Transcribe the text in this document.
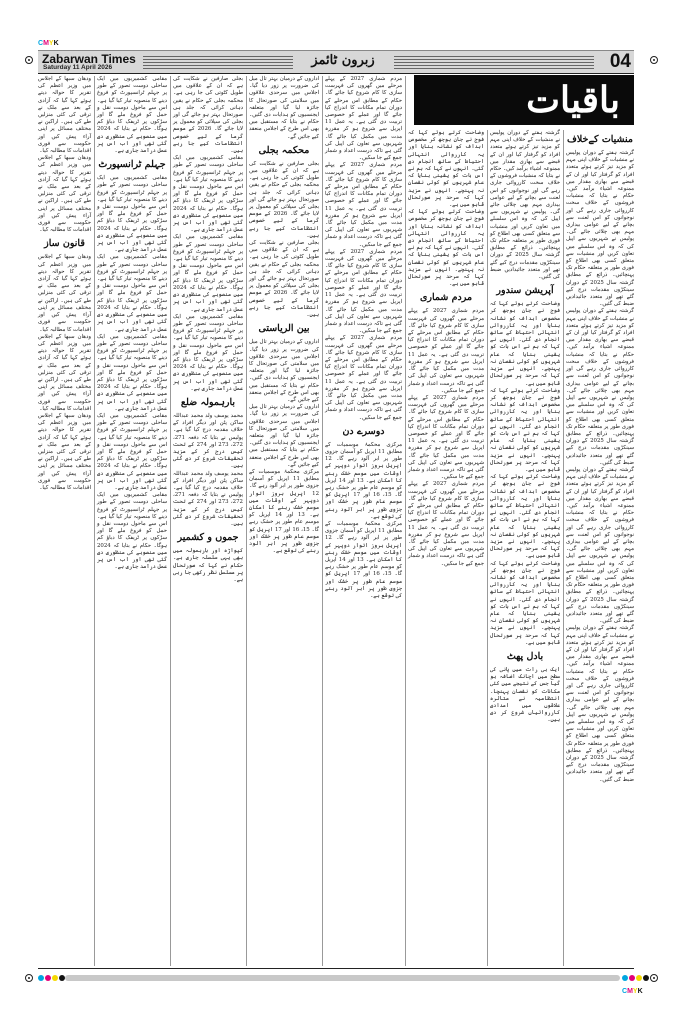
CMYK
CMYK
Zabarwan Times
Saturday 11 April 2026	زبرون ٹائمز	04
باقیات
منشیات کےخلاف

گرشتہ ہفتے کے دوران پولیس نے منشیات کے خلاف اپنی مہم کو مزید تیز کرتے ہوئے متعدد افراد کو گرفتار کیا اور ان کے قبضے سے بھاری مقدار میں ممنوعہ اشیاء برآمد کیں۔ حکام نے بتایا کہ منشیات فروشوں کے خلاف سخت کارروائی جاری رہے گی اور نوجوانوں کو اس لعنت سے بچانے کے لیے عوامی بیداری مہم بھی چلائی جائے گی۔ پولیس نے شہریوں سے اپیل کی کہ وہ اس سلسلے میں تعاون کریں اور منشیات سے متعلق کسی بھی اطلاع کو فوری طور پر متعلقہ حکام تک پہنچائیں۔ ذرائع کے مطابق گزشتہ سال 2025 کے دوران سینکڑوں مقدمات درج کیے گئے تھے اور متعدد جائیدادیں ضبط کی گئیں۔

گرشتہ ہفتے کے دوران پولیس نے منشیات کے خلاف اپنی مہم کو مزید تیز کرتے ہوئے متعدد افراد کو گرفتار کیا اور ان کے قبضے سے بھاری مقدار میں ممنوعہ اشیاء برآمد کیں۔ حکام نے بتایا کہ منشیات فروشوں کے خلاف سخت کارروائی جاری رہے گی اور نوجوانوں کو اس لعنت سے بچانے کے لیے عوامی بیداری مہم بھی چلائی جائے گی۔ پولیس نے شہریوں سے اپیل کی کہ وہ اس سلسلے میں تعاون کریں اور منشیات سے متعلق کسی بھی اطلاع کو فوری طور پر متعلقہ حکام تک پہنچائیں۔ ذرائع کے مطابق گزشتہ سال 2025 کے دوران سینکڑوں مقدمات درج کیے گئے تھے اور متعدد جائیدادیں ضبط کی گئیں۔

گرشتہ ہفتے کے دوران پولیس نے منشیات کے خلاف اپنی مہم کو مزید تیز کرتے ہوئے متعدد افراد کو گرفتار کیا اور ان کے قبضے سے بھاری مقدار میں ممنوعہ اشیاء برآمد کیں۔ حکام نے بتایا کہ منشیات فروشوں کے خلاف سخت کارروائی جاری رہے گی اور نوجوانوں کو اس لعنت سے بچانے کے لیے عوامی بیداری مہم بھی چلائی جائے گی۔ پولیس نے شہریوں سے اپیل کی کہ وہ اس سلسلے میں تعاون کریں اور منشیات سے متعلق کسی بھی اطلاع کو فوری طور پر متعلقہ حکام تک پہنچائیں۔ ذرائع کے مطابق گزشتہ سال 2025 کے دوران سینکڑوں مقدمات درج کیے گئے تھے اور متعدد جائیدادیں ضبط کی گئیں۔

گرشتہ ہفتے کے دوران پولیس نے منشیات کے خلاف اپنی مہم کو مزید تیز کرتے ہوئے متعدد افراد کو گرفتار کیا اور ان کے قبضے سے بھاری مقدار میں ممنوعہ اشیاء برآمد کیں۔ حکام نے بتایا کہ منشیات فروشوں کے خلاف سخت کارروائی جاری رہے گی اور نوجوانوں کو اس لعنت سے بچانے کے لیے عوامی بیداری مہم بھی چلائی جائے گی۔ پولیس نے شہریوں سے اپیل کی کہ وہ اس سلسلے میں تعاون کریں اور منشیات سے متعلق کسی بھی اطلاع کو فوری طور پر متعلقہ حکام تک پہنچائیں۔ ذرائع کے مطابق گزشتہ سال 2025 کے دوران سینکڑوں مقدمات درج کیے گئے تھے اور متعدد جائیدادیں ضبط کی گئیں۔

گرشتہ ہفتے کے دوران پولیس نے منشیات کے خلاف اپنی مہم کو مزید تیز کرتے ہوئے متعدد افراد کو گرفتار کیا اور ان کے قبضے سے بھاری مقدار میں ممنوعہ اشیاء برآمد کیں۔ حکام نے بتایا کہ منشیات فروشوں کے خلاف سخت کارروائی جاری رہے گی اور نوجوانوں کو اس لعنت سے بچانے کے لیے عوامی بیداری مہم بھی چلائی جائے گی۔ پولیس نے شہریوں سے اپیل کی کہ وہ اس سلسلے میں تعاون کریں اور منشیات سے متعلق کسی بھی اطلاع کو فوری طور پر متعلقہ حکام تک پہنچائیں۔ ذرائع کے مطابق گزشتہ سال 2025 کے دوران سینکڑوں مقدمات درج کیے گئے تھے اور متعدد جائیدادیں ضبط کی گئیں۔

آپریشن سندور

وضاحت کرتے ہوئے کہا کہ فوج نے جان بوجھ کر مخصوص اہداف کو نشانہ بنایا اور یہ کارروائی انتہائی احتیاط کے ساتھ انجام دی گئی۔ انہوں نے کہا کہ ہم نے اس بات کو یقینی بنایا کہ عام شہریوں کو کوئی نقصان نہ پہنچے۔ انہوں نے مزید کہا کہ سرحد پر صورتحال قابو میں ہے۔

وضاحت کرتے ہوئے کہا کہ فوج نے جان بوجھ کر مخصوص اہداف کو نشانہ بنایا اور یہ کارروائی انتہائی احتیاط کے ساتھ انجام دی گئی۔ انہوں نے کہا کہ ہم نے اس بات کو یقینی بنایا کہ عام شہریوں کو کوئی نقصان نہ پہنچے۔ انہوں نے مزید کہا کہ سرحد پر صورتحال قابو میں ہے۔

وضاحت کرتے ہوئے کہا کہ فوج نے جان بوجھ کر مخصوص اہداف کو نشانہ بنایا اور یہ کارروائی انتہائی احتیاط کے ساتھ انجام دی گئی۔ انہوں نے کہا کہ ہم نے اس بات کو یقینی بنایا کہ عام شہریوں کو کوئی نقصان نہ پہنچے۔ انہوں نے مزید کہا کہ سرحد پر صورتحال قابو میں ہے۔

وضاحت کرتے ہوئے کہا کہ فوج نے جان بوجھ کر مخصوص اہداف کو نشانہ بنایا اور یہ کارروائی انتہائی احتیاط کے ساتھ انجام دی گئی۔ انہوں نے کہا کہ ہم نے اس بات کو یقینی بنایا کہ عام شہریوں کو کوئی نقصان نہ پہنچے۔ انہوں نے مزید کہا کہ سرحد پر صورتحال قابو میں ہے۔

بادل پھٹ

ایک ہی رات میں پانی کی سطح میں اچانک اضافہ ہو گیا جس کے نتیجے میں کئی مکانات کو نقصان پہنچا۔ انتظامیہ نے متاثرہ علاقوں میں امدادی کارروائیاں شروع کر دی ہیں۔

وضاحت کرتے ہوئے کہا کہ فوج نے جان بوجھ کر مخصوص اہداف کو نشانہ بنایا اور یہ کارروائی انتہائی احتیاط کے ساتھ انجام دی گئی۔ انہوں نے کہا کہ ہم نے اس بات کو یقینی بنایا کہ عام شہریوں کو کوئی نقصان نہ پہنچے۔ انہوں نے مزید کہا کہ سرحد پر صورتحال قابو میں ہے۔

وضاحت کرتے ہوئے کہا کہ فوج نے جان بوجھ کر مخصوص اہداف کو نشانہ بنایا اور یہ کارروائی انتہائی احتیاط کے ساتھ انجام دی گئی۔ انہوں نے کہا کہ ہم نے اس بات کو یقینی بنایا کہ عام شہریوں کو کوئی نقصان نہ پہنچے۔ انہوں نے مزید کہا کہ سرحد پر صورتحال قابو میں ہے۔

مردم شماری

مردم شماری 2027 کے پہلے مرحلے میں گھروں کی فہرست سازی کا کام شروع کیا جائے گا۔ حکام کے مطابق اس مرحلے کے دوران تمام مکانات کا اندراج کیا جائے گا اور عملے کو خصوصی تربیت دی گئی ہے۔ یہ عمل 11 اپریل سے شروع ہو کر مقررہ مدت میں مکمل کیا جائے گا۔ شہریوں سے تعاون کی اپیل کی گئی ہے تاکہ درست اعداد و شمار جمع کیے جا سکیں۔

مردم شماری 2027 کے پہلے مرحلے میں گھروں کی فہرست سازی کا کام شروع کیا جائے گا۔ حکام کے مطابق اس مرحلے کے دوران تمام مکانات کا اندراج کیا جائے گا اور عملے کو خصوصی تربیت دی گئی ہے۔ یہ عمل 11 اپریل سے شروع ہو کر مقررہ مدت میں مکمل کیا جائے گا۔ شہریوں سے تعاون کی اپیل کی گئی ہے تاکہ درست اعداد و شمار جمع کیے جا سکیں۔

مردم شماری 2027 کے پہلے مرحلے میں گھروں کی فہرست سازی کا کام شروع کیا جائے گا۔ حکام کے مطابق اس مرحلے کے دوران تمام مکانات کا اندراج کیا جائے گا اور عملے کو خصوصی تربیت دی گئی ہے۔ یہ عمل 11 اپریل سے شروع ہو کر مقررہ مدت میں مکمل کیا جائے گا۔ شہریوں سے تعاون کی اپیل کی گئی ہے تاکہ درست اعداد و شمار جمع کیے جا سکیں۔

مردم شماری 2027 کے پہلے مرحلے میں گھروں کی فہرست سازی کا کام شروع کیا جائے گا۔ حکام کے مطابق اس مرحلے کے دوران تمام مکانات کا اندراج کیا جائے گا اور عملے کو خصوصی تربیت دی گئی ہے۔ یہ عمل 11 اپریل سے شروع ہو کر مقررہ مدت میں مکمل کیا جائے گا۔ شہریوں سے تعاون کی اپیل کی گئی ہے تاکہ درست اعداد و شمار جمع کیے جا سکیں۔

مردم شماری 2027 کے پہلے مرحلے میں گھروں کی فہرست سازی کا کام شروع کیا جائے گا۔ حکام کے مطابق اس مرحلے کے دوران تمام مکانات کا اندراج کیا جائے گا اور عملے کو خصوصی تربیت دی گئی ہے۔ یہ عمل 11 اپریل سے شروع ہو کر مقررہ مدت میں مکمل کیا جائے گا۔ شہریوں سے تعاون کی اپیل کی گئی ہے تاکہ درست اعداد و شمار جمع کیے جا سکیں۔

مردم شماری 2027 کے پہلے مرحلے میں گھروں کی فہرست سازی کا کام شروع کیا جائے گا۔ حکام کے مطابق اس مرحلے کے دوران تمام مکانات کا اندراج کیا جائے گا اور عملے کو خصوصی تربیت دی گئی ہے۔ یہ عمل 11 اپریل سے شروع ہو کر مقررہ مدت میں مکمل کیا جائے گا۔ شہریوں سے تعاون کی اپیل کی گئی ہے تاکہ درست اعداد و شمار جمع کیے جا سکیں۔

مردم شماری 2027 کے پہلے مرحلے میں گھروں کی فہرست سازی کا کام شروع کیا جائے گا۔ حکام کے مطابق اس مرحلے کے دوران تمام مکانات کا اندراج کیا جائے گا اور عملے کو خصوصی تربیت دی گئی ہے۔ یہ عمل 11 اپریل سے شروع ہو کر مقررہ مدت میں مکمل کیا جائے گا۔ شہریوں سے تعاون کی اپیل کی گئی ہے تاکہ درست اعداد و شمار جمع کیے جا سکیں۔

دوسرے دن

مرکزی محکمۂ موسمیات کے مطابق 11 اپریل کو آسمان جزوی طور پر ابر آلود رہے گا۔ 12 اپریل بروز اتوار دوپہر کے اوقات میں موسم خشک رہنے کا امکان ہے۔ 13 اور 14 اپریل کو موسم عام طور پر خشک رہے گا۔ 15، 16 اور 17 اپریل کو موسم عام طور پر خشک اور جزوی طور پر ابر آلود رہنے کی توقع ہے۔

مرکزی محکمۂ موسمیات کے مطابق 11 اپریل کو آسمان جزوی طور پر ابر آلود رہے گا۔ 12 اپریل بروز اتوار دوپہر کے اوقات میں موسم خشک رہنے کا امکان ہے۔ 13 اور 14 اپریل کو موسم عام طور پر خشک رہے گا۔ 15، 16 اور 17 اپریل کو موسم عام طور پر خشک اور جزوی طور پر ابر آلود رہنے کی توقع ہے۔

اداروں کے درمیان بہتر تال میل کی ضرورت پر زور دیا گیا۔ اجلاس میں سرحدی علاقوں میں سلامتی کی صورتحال کا جائزہ لیا گیا اور متعلقہ ایجنسیوں کو ہدایات دی گئیں۔ حکام نے بتایا کہ مستقبل میں بھی اس طرح کے اجلاس منعقد کیے جائیں گے۔

محکمہ بجلی

بجلی صارفین نے شکایت کی ہے کہ ان کے علاقوں میں طویل کٹوتی کی جا رہی ہے۔ محکمہ بجلی کے حکام نے یقین دہانی کرائی کہ جلد ہی صورتحال بہتر ہو جائے گی اور بجلی کی سپلائی کو معمول پر لایا جائے گا۔ 2026 کے موسم گرما کے لیے خصوصی انتظامات کیے جا رہے ہیں۔

بجلی صارفین نے شکایت کی ہے کہ ان کے علاقوں میں طویل کٹوتی کی جا رہی ہے۔ محکمہ بجلی کے حکام نے یقین دہانی کرائی کہ جلد ہی صورتحال بہتر ہو جائے گی اور بجلی کی سپلائی کو معمول پر لایا جائے گا۔ 2026 کے موسم گرما کے لیے خصوصی انتظامات کیے جا رہے ہیں۔

بین الریاستی

اداروں کے درمیان بہتر تال میل کی ضرورت پر زور دیا گیا۔ اجلاس میں سرحدی علاقوں میں سلامتی کی صورتحال کا جائزہ لیا گیا اور متعلقہ ایجنسیوں کو ہدایات دی گئیں۔ حکام نے بتایا کہ مستقبل میں بھی اس طرح کے اجلاس منعقد کیے جائیں گے۔

اداروں کے درمیان بہتر تال میل کی ضرورت پر زور دیا گیا۔ اجلاس میں سرحدی علاقوں میں سلامتی کی صورتحال کا جائزہ لیا گیا اور متعلقہ ایجنسیوں کو ہدایات دی گئیں۔ حکام نے بتایا کہ مستقبل میں بھی اس طرح کے اجلاس منعقد کیے جائیں گے۔

مرکزی محکمۂ موسمیات کے مطابق 11 اپریل کو آسمان جزوی طور پر ابر آلود رہے گا۔ 12 اپریل بروز اتوار دوپہر کے اوقات میں موسم خشک رہنے کا امکان ہے۔ 13 اور 14 اپریل کو موسم عام طور پر خشک رہے گا۔ 15، 16 اور 17 اپریل کو موسم عام طور پر خشک اور جزوی طور پر ابر آلود رہنے کی توقع ہے۔

بجلی صارفین نے شکایت کی ہے کہ ان کے علاقوں میں طویل کٹوتی کی جا رہی ہے۔ محکمہ بجلی کے حکام نے یقین دہانی کرائی کہ جلد ہی صورتحال بہتر ہو جائے گی اور بجلی کی سپلائی کو معمول پر لایا جائے گا۔ 2026 کے موسم گرما کے لیے خصوصی انتظامات کیے جا رہے ہیں۔

مقامی کشمیریوں میں ایک ساحلی دوست تصور کے طور پر جہلم ٹرانسپورٹ کو فروغ دینے کا منصوبہ تیار کیا گیا ہے۔ اس سے ماحول دوست نقل و حمل کو فروغ ملے گا اور سڑکوں پر ٹریفک کا دباؤ کم ہوگا۔ حکام نے بتایا کہ 2024 میں منصوبے کی منظوری دی گئی تھی اور اب اس پر عمل درآمد جاری ہے۔

مقامی کشمیریوں میں ایک ساحلی دوست تصور کے طور پر جہلم ٹرانسپورٹ کو فروغ دینے کا منصوبہ تیار کیا گیا ہے۔ اس سے ماحول دوست نقل و حمل کو فروغ ملے گا اور سڑکوں پر ٹریفک کا دباؤ کم ہوگا۔ حکام نے بتایا کہ 2024 میں منصوبے کی منظوری دی گئی تھی اور اب اس پر عمل درآمد جاری ہے۔

مقامی کشمیریوں میں ایک ساحلی دوست تصور کے طور پر جہلم ٹرانسپورٹ کو فروغ دینے کا منصوبہ تیار کیا گیا ہے۔ اس سے ماحول دوست نقل و حمل کو فروغ ملے گا اور سڑکوں پر ٹریفک کا دباؤ کم ہوگا۔ حکام نے بتایا کہ 2024 میں منصوبے کی منظوری دی گئی تھی اور اب اس پر عمل درآمد جاری ہے۔

بارہمولہ ضلع

محمد یوسف ولد محمد عبداللہ ساکن پٹن اور دیگر افراد کے خلاف مقدمہ درج کیا گیا ہے۔ پولیس نے بتایا کہ دفعہ 271، 272، 273 اور 274 کے تحت کیس درج کر کے مزید تحقیقات شروع کر دی گئی ہیں۔

محمد یوسف ولد محمد عبداللہ ساکن پٹن اور دیگر افراد کے خلاف مقدمہ درج کیا گیا ہے۔ پولیس نے بتایا کہ دفعہ 271، 272، 273 اور 274 کے تحت کیس درج کر کے مزید تحقیقات شروع کر دی گئی ہیں۔

جموں و کشمیر

کپواڑہ اور بارہمولہ میں بھی یہی سلسلہ جاری ہے۔ حکام نے کہا کہ صورتحال پر مسلسل نظر رکھی جا رہی ہے۔

مقامی کشمیریوں میں ایک ساحلی دوست تصور کے طور پر جہلم ٹرانسپورٹ کو فروغ دینے کا منصوبہ تیار کیا گیا ہے۔ اس سے ماحول دوست نقل و حمل کو فروغ ملے گا اور سڑکوں پر ٹریفک کا دباؤ کم ہوگا۔ حکام نے بتایا کہ 2024 میں منصوبے کی منظوری دی گئی تھی اور اب اس پر عمل درآمد جاری ہے۔

جہلم ٹرانسپورٹ

مقامی کشمیریوں میں ایک ساحلی دوست تصور کے طور پر جہلم ٹرانسپورٹ کو فروغ دینے کا منصوبہ تیار کیا گیا ہے۔ اس سے ماحول دوست نقل و حمل کو فروغ ملے گا اور سڑکوں پر ٹریفک کا دباؤ کم ہوگا۔ حکام نے بتایا کہ 2024 میں منصوبے کی منظوری دی گئی تھی اور اب اس پر عمل درآمد جاری ہے۔

مقامی کشمیریوں میں ایک ساحلی دوست تصور کے طور پر جہلم ٹرانسپورٹ کو فروغ دینے کا منصوبہ تیار کیا گیا ہے۔ اس سے ماحول دوست نقل و حمل کو فروغ ملے گا اور سڑکوں پر ٹریفک کا دباؤ کم ہوگا۔ حکام نے بتایا کہ 2024 میں منصوبے کی منظوری دی گئی تھی اور اب اس پر عمل درآمد جاری ہے۔

مقامی کشمیریوں میں ایک ساحلی دوست تصور کے طور پر جہلم ٹرانسپورٹ کو فروغ دینے کا منصوبہ تیار کیا گیا ہے۔ اس سے ماحول دوست نقل و حمل کو فروغ ملے گا اور سڑکوں پر ٹریفک کا دباؤ کم ہوگا۔ حکام نے بتایا کہ 2024 میں منصوبے کی منظوری دی گئی تھی اور اب اس پر عمل درآمد جاری ہے۔

مقامی کشمیریوں میں ایک ساحلی دوست تصور کے طور پر جہلم ٹرانسپورٹ کو فروغ دینے کا منصوبہ تیار کیا گیا ہے۔ اس سے ماحول دوست نقل و حمل کو فروغ ملے گا اور سڑکوں پر ٹریفک کا دباؤ کم ہوگا۔ حکام نے بتایا کہ 2024 میں منصوبے کی منظوری دی گئی تھی اور اب اس پر عمل درآمد جاری ہے۔

مقامی کشمیریوں میں ایک ساحلی دوست تصور کے طور پر جہلم ٹرانسپورٹ کو فروغ دینے کا منصوبہ تیار کیا گیا ہے۔ اس سے ماحول دوست نقل و حمل کو فروغ ملے گا اور سڑکوں پر ٹریفک کا دباؤ کم ہوگا۔ حکام نے بتایا کہ 2024 میں منصوبے کی منظوری دی گئی تھی اور اب اس پر عمل درآمد جاری ہے۔

ودھان سبھا کے اجلاس میں وزیر اعظم کی تقریر کا حوالہ دیتے ہوئے کہا گیا کہ آزادی کے بعد سے ملک نے ترقی کی کئی منزلیں طے کی ہیں۔ اراکین نے مختلف مسائل پر اپنی آراء پیش کیں اور حکومت سے فوری اقدامات کا مطالبہ کیا۔

ودھان سبھا کے اجلاس میں وزیر اعظم کی تقریر کا حوالہ دیتے ہوئے کہا گیا کہ آزادی کے بعد سے ملک نے ترقی کی کئی منزلیں طے کی ہیں۔ اراکین نے مختلف مسائل پر اپنی آراء پیش کیں اور حکومت سے فوری اقدامات کا مطالبہ کیا۔

قانون ساز

ودھان سبھا کے اجلاس میں وزیر اعظم کی تقریر کا حوالہ دیتے ہوئے کہا گیا کہ آزادی کے بعد سے ملک نے ترقی کی کئی منزلیں طے کی ہیں۔ اراکین نے مختلف مسائل پر اپنی آراء پیش کیں اور حکومت سے فوری اقدامات کا مطالبہ کیا۔

ودھان سبھا کے اجلاس میں وزیر اعظم کی تقریر کا حوالہ دیتے ہوئے کہا گیا کہ آزادی کے بعد سے ملک نے ترقی کی کئی منزلیں طے کی ہیں۔ اراکین نے مختلف مسائل پر اپنی آراء پیش کیں اور حکومت سے فوری اقدامات کا مطالبہ کیا۔

ودھان سبھا کے اجلاس میں وزیر اعظم کی تقریر کا حوالہ دیتے ہوئے کہا گیا کہ آزادی کے بعد سے ملک نے ترقی کی کئی منزلیں طے کی ہیں۔ اراکین نے مختلف مسائل پر اپنی آراء پیش کیں اور حکومت سے فوری اقدامات کا مطالبہ کیا۔
